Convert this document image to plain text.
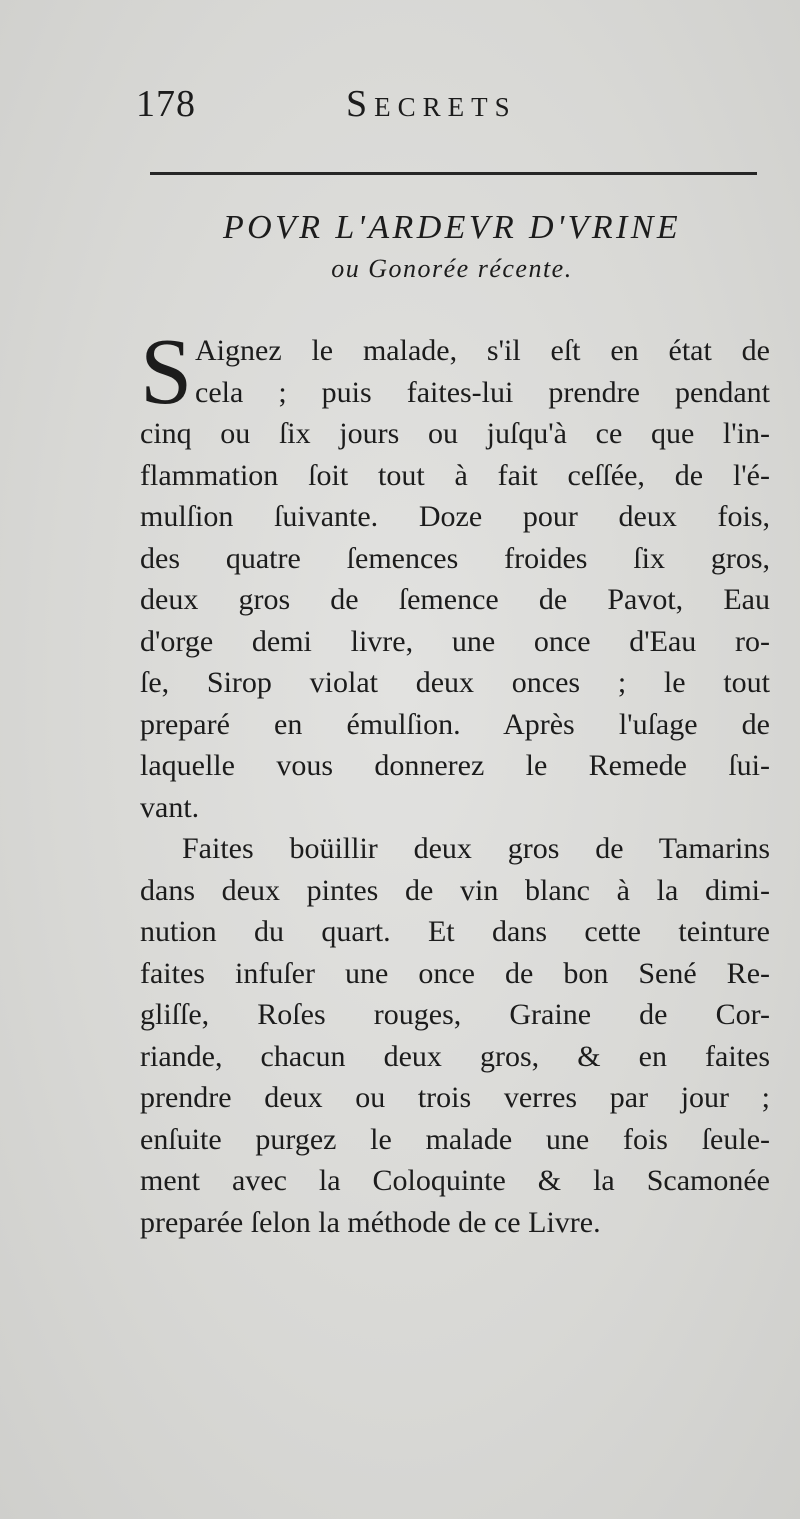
178	Secrets
POVR L'ARDEVR D'VRINE
ou Gonorée récente.
S Aignez le malade, s'il eſt en état de
cela ; puis faites-lui prendre pendant
cinq ou ſix jours ou juſqu'à ce que l'in-
flammation ſoit tout à fait ceſſée, de l'é-
mulſion ſuivante. Doze pour deux fois,
des quatre ſemences froides ſix gros,
deux gros de ſemence de Pavot, Eau
d'orge demi livre, une once d'Eau ro-
ſe, Sirop violat deux onces ; le tout
preparé en émulſion. Après l'uſage de
laquelle vous donnerez le Remede ſui-
vant.
Faites boüillir deux gros de Tamarins
dans deux pintes de vin blanc à la dimi-
nution du quart. Et dans cette teinture
faites infuſer une once de bon Sené Re-
gliſſe, Roſes rouges, Graine de Cor-
riande, chacun deux gros, & en faites
prendre deux ou trois verres par jour ;
enſuite purgez le malade une fois ſeule-
ment avec la Coloquinte & la Scamonée
preparée ſelon la méthode de ce Livre.
